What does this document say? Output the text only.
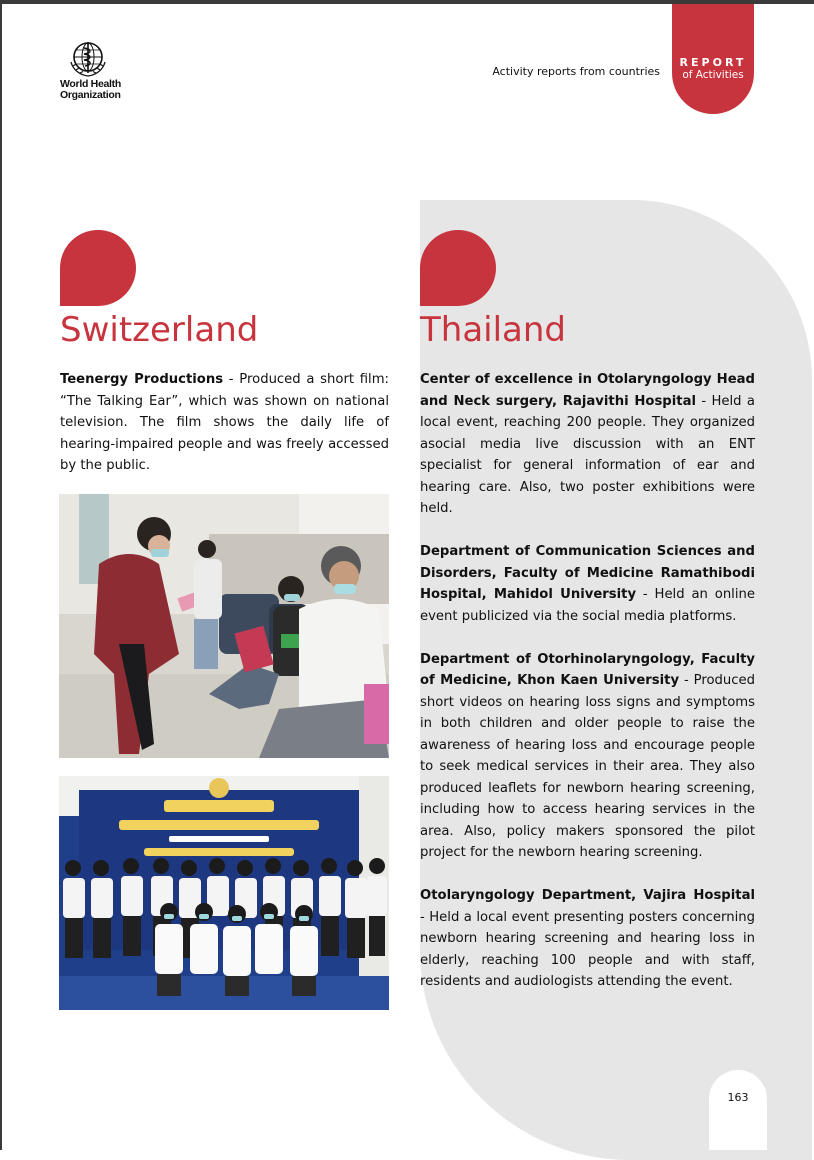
World Health
Organization
Activity reports from countries
REPORT
of Activities
Switzerland	Thailand

Teenergy Productions - Produced a short film: “The Talking Ear”, which was shown on national television. The film shows the daily life of hearing-impaired people and was freely accessed by the public.

Center of excellence in Otolaryngology Head and Neck surgery, Rajavithi Hospital - Held a local event, reaching 200 people. They organized asocial media live discussion with an ENT specialist for general information of ear and hearing care. Also, two poster exhibitions were held.

Department of Communication Sciences and Disorders, Faculty of Medicine Ramathibodi Hospital, Mahidol University - Held an online event publicized via the social media platforms.

Department of Otorhinolaryngology, Faculty of Medicine, Khon Kaen University - Produced short videos on hearing loss signs and symptoms in both children and older people to raise the awareness of hearing loss and encourage people to seek medical services in their area. They also produced leaflets for newborn hearing screening, including how to access hearing services in the area. Also, policy makers sponsored the pilot project for the newborn hearing screening.

Otolaryngology Department, Vajira Hospital - Held a local event presenting posters concerning newborn hearing screening and hearing loss in elderly, reaching 100 people and with staff, residents and audiologists attending the event.

163
